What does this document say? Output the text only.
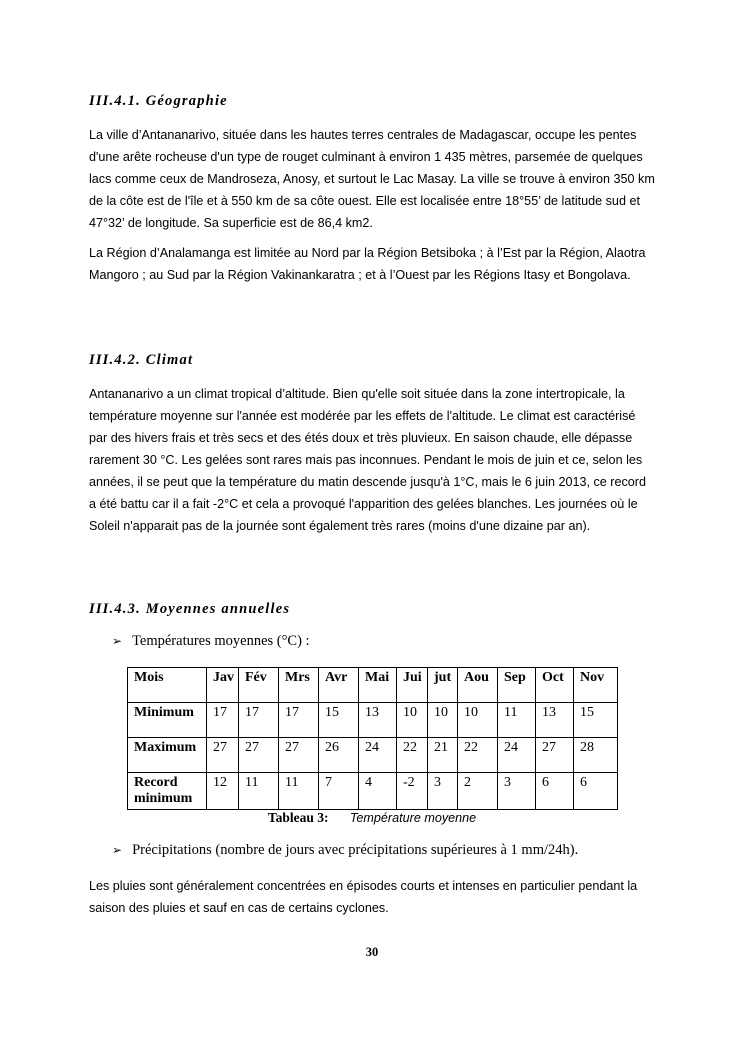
III.4.1. Géographie

La ville d’Antananarivo, située dans les hautes terres centrales de Madagascar, occupe les pentes d'une arête rocheuse d'un type de rouget culminant à environ 1 435 mètres, parsemée de quelques lacs comme ceux de Mandroseza, Anosy, et surtout le Lac Masay. La ville se trouve à environ 350 km de la côte est de l'île et à 550 km de sa côte ouest. Elle est localisée entre 18°55’ de latitude sud et 47°32’ de longitude. Sa superficie est de 86,4 km2.

La Région d’Analamanga est limitée au Nord par la Région Betsiboka ; à l’Est par la Région, Alaotra Mangoro ; au Sud par la Région Vakinankaratra ; et à l’Ouest par les Régions Itasy et Bongolava.

III.4.2. Climat

Antananarivo a un climat tropical d’altitude. Bien qu'elle soit située dans la zone intertropicale, la température moyenne sur l'année est modérée par les effets de l'altitude. Le climat est caractérisé par des hivers frais et très secs et des étés doux et très pluvieux. En saison chaude, elle dépasse rarement 30 °C. Les gelées sont rares mais pas inconnues. Pendant le mois de juin et ce, selon les années, il se peut que la température du matin descende jusqu'à 1°C, mais le 6 juin 2013, ce record a été battu car il a fait -2°C et cela a provoqué l'apparition des gelées blanches. Les journées où le Soleil n'apparait pas de la journée sont également très rares (moins d'une dizaine par an).

III.4.3. Moyennes annuelles
➢ Températures moyennes (°C) :
Mois	Jav	Fév	Mrs	Avr	Mai	Jui	jut	Aou	Sep	Oct	Nov
Minimum	17	17	17	15	13	10	10	10	11	13	15
Maximum	27	27	27	26	24	22	21	22	24	27	28
Record minimum	12	11	11	7	4	-2	3	2	3	6	6
Tableau 3: Température moyenne
➢ Précipitations (nombre de jours avec précipitations supérieures à 1 mm/24h).

Les pluies sont généralement concentrées en épisodes courts et intenses en particulier pendant la saison des pluies et sauf en cas de certains cyclones.

30
